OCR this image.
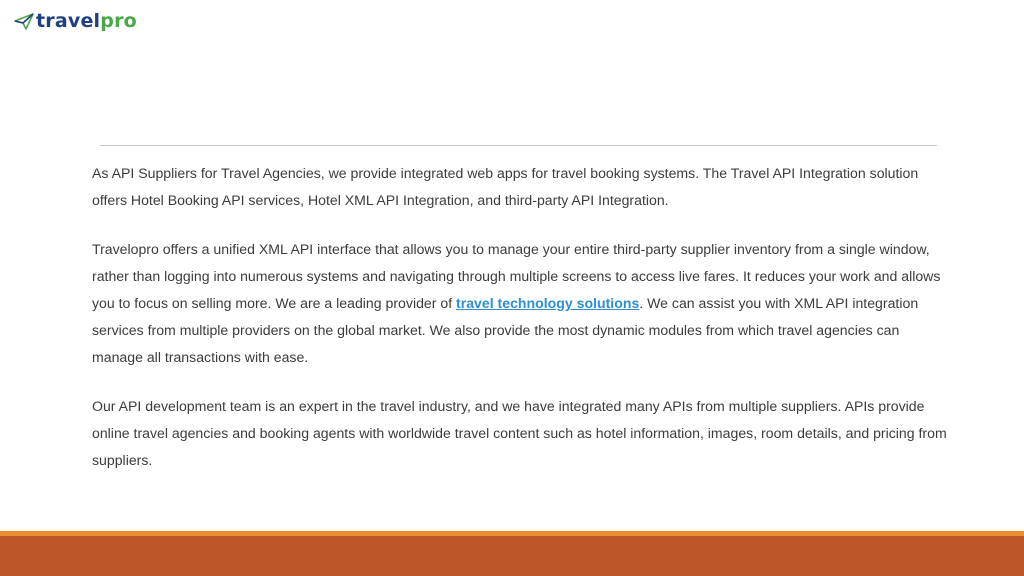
travelpro

As API Suppliers for Travel Agencies, we provide integrated web apps for travel booking systems. The Travel API Integration solution offers Hotel Booking API services, Hotel XML API Integration, and third-party API Integration.

Travelopro offers a unified XML API interface that allows you to manage your entire third-party supplier inventory from a single window, rather than logging into numerous systems and navigating through multiple screens to access live fares. It reduces your work and allows you to focus on selling more. We are a leading provider of travel technology solutions. We can assist you with XML API integration services from multiple providers on the global market. We also provide the most dynamic modules from which travel agencies can manage all transactions with ease.

Our API development team is an expert in the travel industry, and we have integrated many APIs from multiple suppliers. APIs provide online travel agencies and booking agents with worldwide travel content such as hotel information, images, room details, and pricing from suppliers.
